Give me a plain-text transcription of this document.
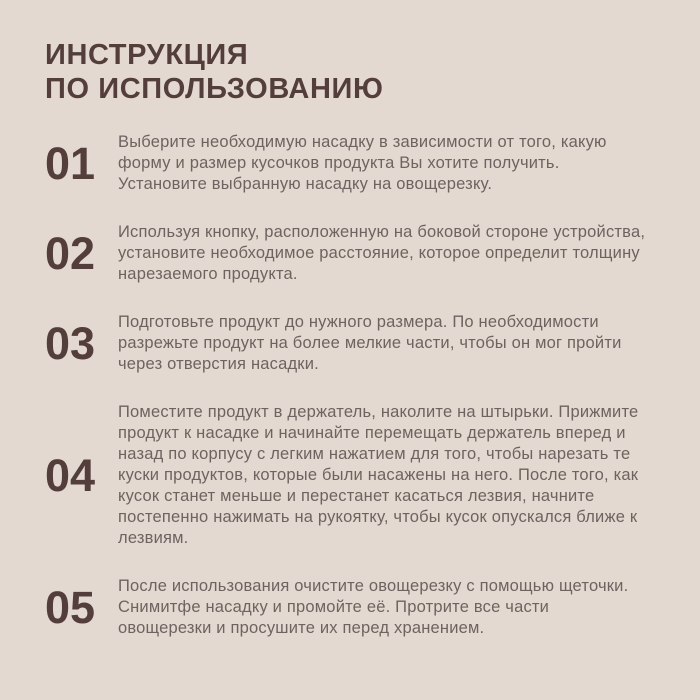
ИНСТРУКЦИЯ
ПО ИСПОЛЬЗОВАНИЮ
01	Выберите необходимую насадку в зависимости от того, какую форму и размер кусочков продукта Вы хотите получить. Установите выбранную насадку на овощерезку.

02	Используя кнопку, расположенную на боковой стороне устройства, установите необходимое расстояние, которое определит толщину нарезаемого продукта.

03	Подготовьте продукт до нужного размера. По необходимости разрежьте продукт на более мелкие части, чтобы он мог пройти через отверстия насадки.

04

Поместите продукт в держатель, наколите на штырьки. Прижмите продукт к насадке и начинайте перемещать держатель вперед и назад по корпусу с легким нажатием для того, чтобы нарезать те куски продуктов, которые были насажены на него. После того, как кусок станет меньше и перестанет касаться лезвия, начните постепенно нажимать на рукоятку, чтобы кусок опускался ближе к лезвиям.

05	После использования очистите овощерезку с помощью щеточки. Снимитфе насадку и промойте её. Протрите все части овощерезки и просушите их перед хранением.
